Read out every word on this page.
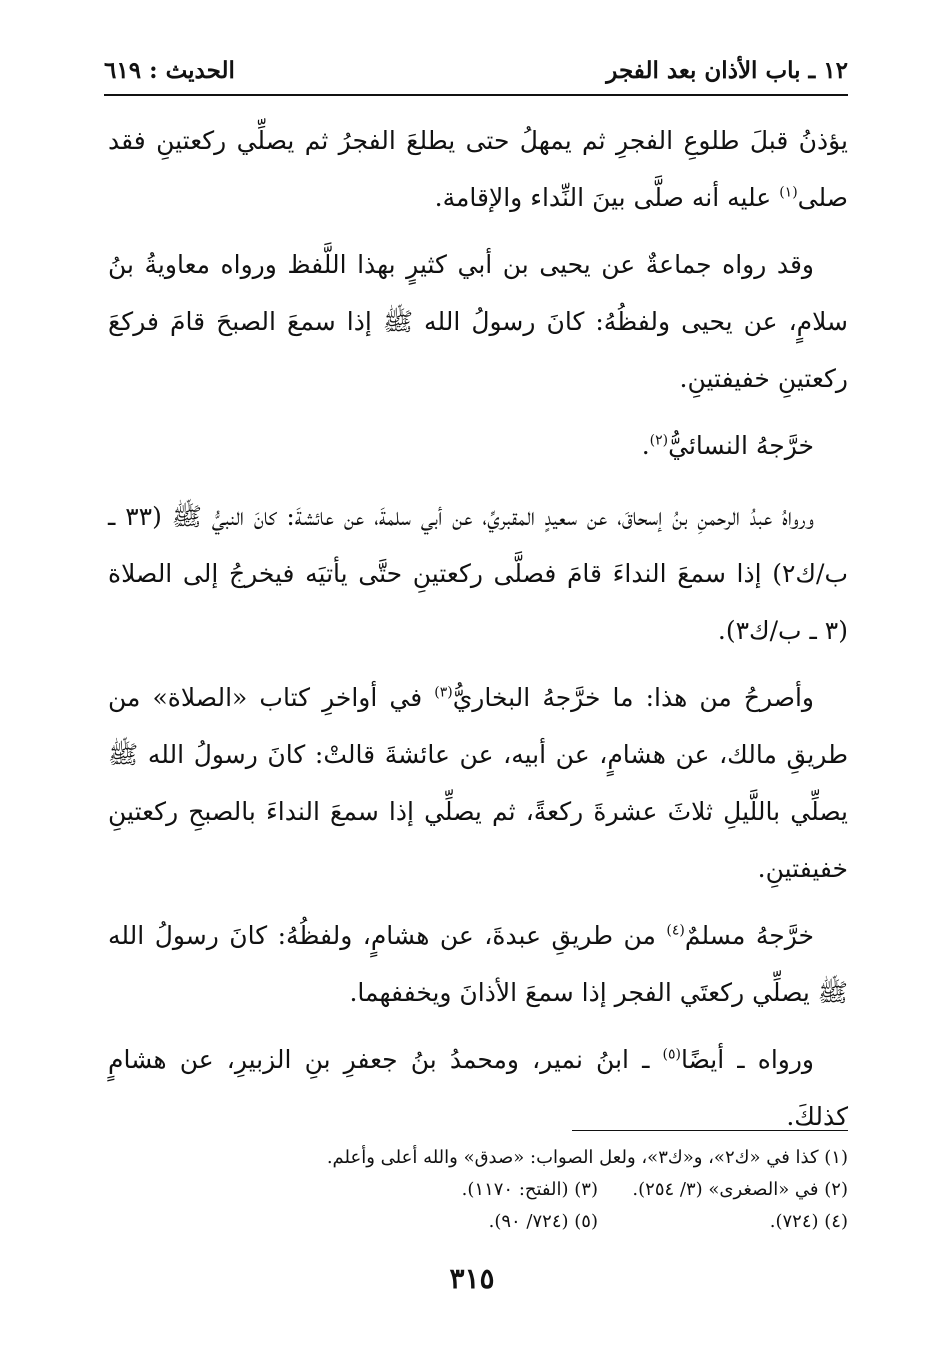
١٢ ـ باب الأذان بعد الفجر
الحديث : ٦١٩

يؤذنُ قبلَ طلوعِ الفجرِ ثم يمهلُ حتى يطلعَ الفجرُ ثم يصلِّي ركعتينِ فقد صلى$^{(١)}$ عليه أنه صلَّى بينَ النِّداء والإقامة.

وقد رواه جماعةٌ عن يحيى بن أبي كثيرٍ بهذا اللَّفظ ورواه معاويةُ بنُ سلامٍ، عن يحيى ولفظُهُ: كانَ رسولُ الله ﷺ إذا سمعَ الصبحَ قامَ فركعَ ركعتينِ خفيفتينِ.

خرَّجهُ النسائيُّ$^{(٢)}$.

ورواهُ عبدُ الرحمنِ بنُ إسحاقَ، عن سعيدٍ المقبريِّ، عن أبي سلمةَ، عن عائشةَ: كانَ النبيُّ ﷺ (٣٣ ـ ب/ك٢) إذا سمعَ النداءَ قامَ فصلَّى ركعتينِ حتَّى يأتيَه فيخرجُ إلى الصلاة (٣ ـ ب/ك٣).

وأصرحُ من هذا: ما خرَّجهُ البخاريُّ$^{(٣)}$ في أواخرِ كتاب «الصلاة» من طريقِ مالك، عن هشامٍ، عن أبيه، عن عائشةَ قالتْ: كانَ رسولُ الله ﷺ يصلِّي باللَّيلِ ثلاثَ عشرةَ ركعةً، ثم يصلِّي إذا سمعَ النداءَ بالصبحِ ركعتينِ خفيفتينِ.

خرَّجهُ مسلمٌ$^{(٤)}$ من طريقِ عبدةَ، عن هشامٍ، ولفظُهُ: كانَ رسولُ الله ﷺ يصلِّي ركعتَي الفجر إذا سمعَ الأذانَ ويخففهما.

ورواه ـ أيضًا$^{(٥)}$ ـ ابنُ نمير، ومحمدُ بنُ جعفرِ بنِ الزبيرِ، عن هشامٍ كذلكَ.

(١) كذا في «ك٢»، و«ك٣»، ولعل الصواب: «صدق» والله أعلى وأعلم.
(٢) في «الصغرى» (٣/ ٢٥٤).
(٣) (الفتح: ١١٧٠).
(٤) (٧٢٤).
(٥) (٧٢٤/ ٩٠).
٣١٥
